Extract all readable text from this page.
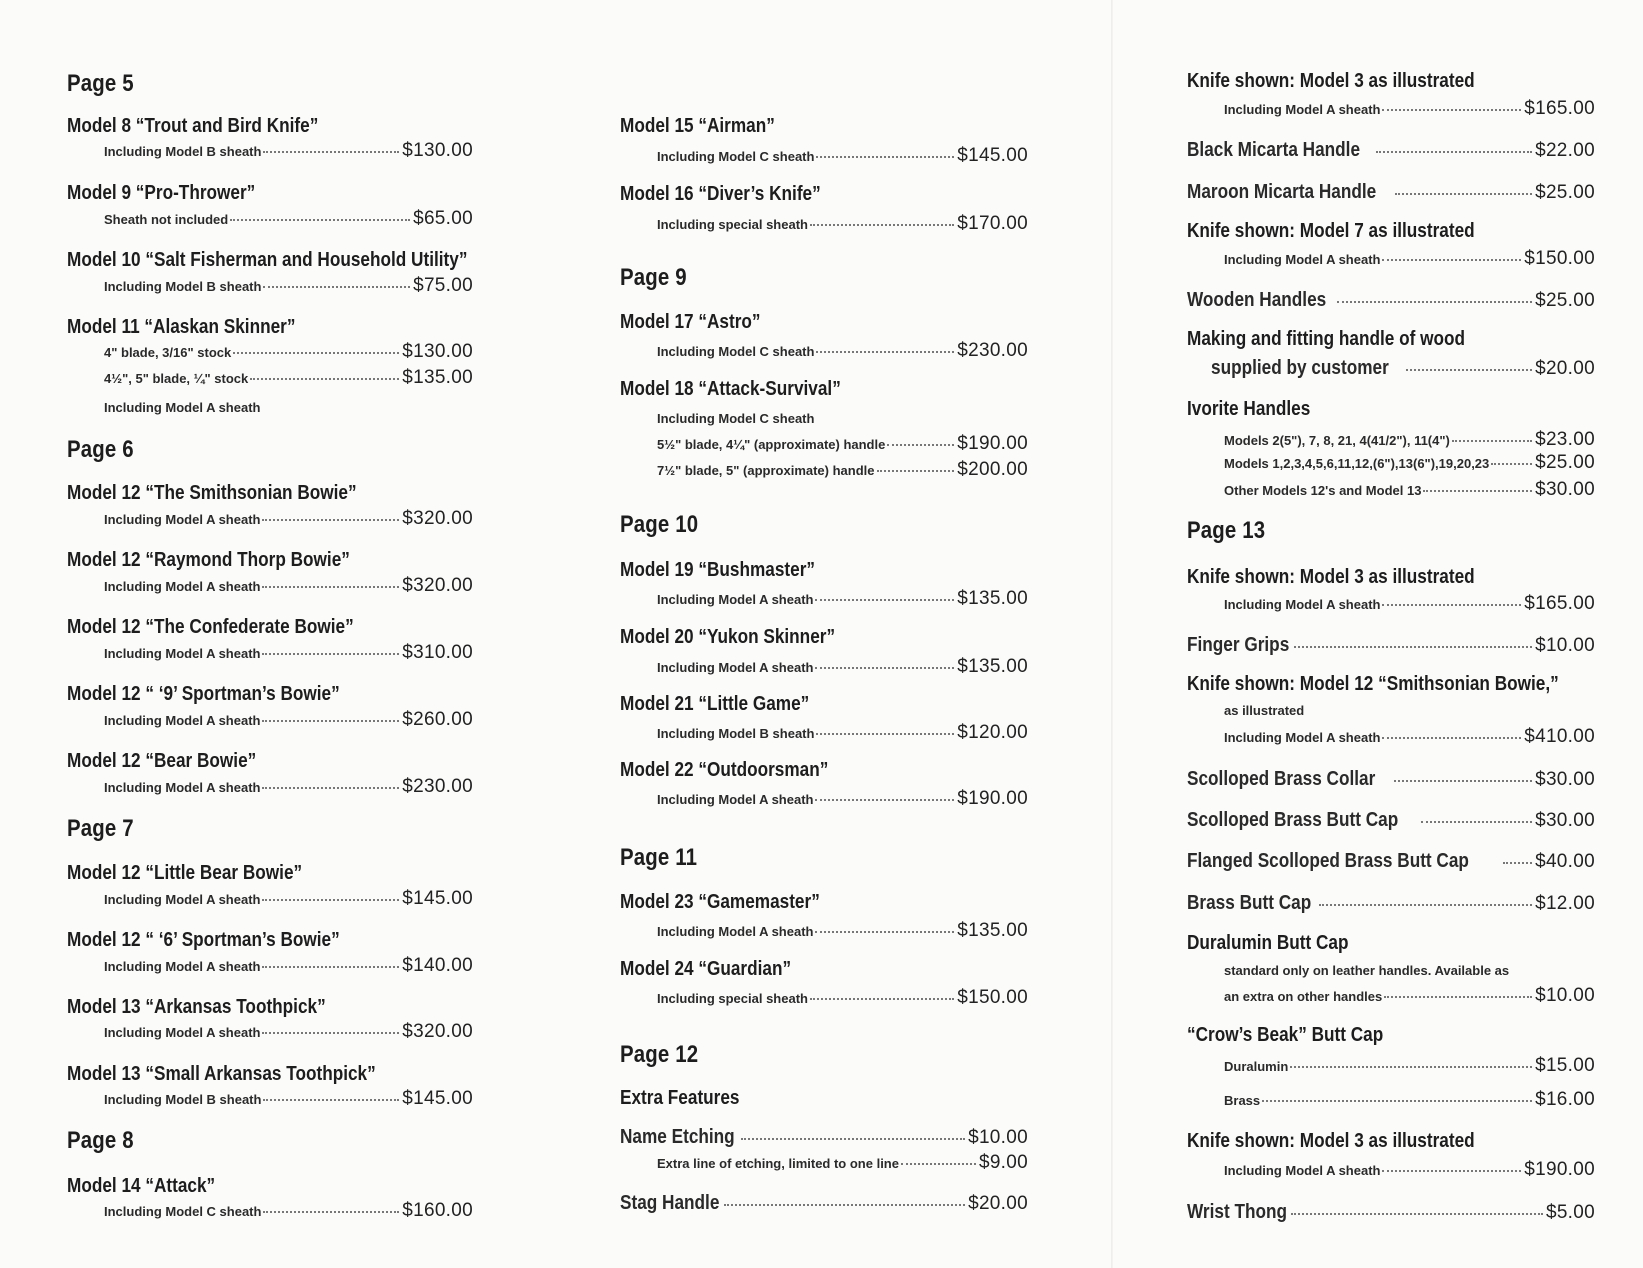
Page 5
Model 8 “Trout and Bird Knife”
Including Model B sheath	$130.00
Model 9 “Pro-Thrower”
Sheath not included	$65.00
Model 10 “Salt Fisherman and Household Utility”
Including Model B sheath	$75.00
Model 11 “Alaskan Skinner”
4" blade, 3/16" stock	$130.00
4½", 5" blade, ¼" stock	$135.00
Including Model A sheath
Page 6
Model 12 “The Smithsonian Bowie”
Including Model A sheath	$320.00
Model 12 “Raymond Thorp Bowie”
Including Model A sheath	$320.00
Model 12 “The Confederate Bowie”
Including Model A sheath	$310.00
Model 12 “ ‘9’ Sportman’s Bowie”
Including Model A sheath	$260.00
Model 12 “Bear Bowie”
Including Model A sheath	$230.00
Page 7
Model 12 “Little Bear Bowie”
Including Model A sheath	$145.00
Model 12 “ ‘6’ Sportman’s Bowie”
Including Model A sheath	$140.00
Model 13 “Arkansas Toothpick”
Including Model A sheath	$320.00
Model 13 “Small Arkansas Toothpick”
Including Model B sheath	$145.00
Page 8
Model 14 “Attack”
Including Model C sheath	$160.00
Model 15 “Airman”
Including Model C sheath	$145.00
Model 16 “Diver’s Knife”
Including special sheath	$170.00
Page 9
Model 17 “Astro”
Including Model C sheath	$230.00
Model 18 “Attack-Survival”
Including Model C sheath
5½" blade, 4¼" (approximate) handle	$190.00
7½" blade, 5" (approximate) handle	$200.00
Page 10
Model 19 “Bushmaster”
Including Model A sheath	$135.00
Model 20 “Yukon Skinner”
Including Model A sheath	$135.00
Model 21 “Little Game”
Including Model B sheath	$120.00
Model 22 “Outdoorsman”
Including Model A sheath	$190.00
Page 11
Model 23 “Gamemaster”
Including Model A sheath	$135.00
Model 24 “Guardian”
Including special sheath	$150.00
Page 12
Extra Features
Name Etching	$10.00
Extra line of etching, limited to one line	$9.00
Stag Handle	$20.00
Knife shown: Model 3 as illustrated
Including Model A sheath	$165.00
Black Micarta Handle	$22.00
Maroon Micarta Handle	$25.00
Knife shown: Model 7 as illustrated
Including Model A sheath	$150.00
Wooden Handles	$25.00
Making and fitting handle of wood
supplied by customer	$20.00
Ivorite Handles
Models 2(5"), 7, 8, 21, 4(41/2"), 11(4")	$23.00
Models 1,2,3,4,5,6,11,12,(6"),13(6"),19,20,23 $25.00
Other Models 12's and Model 13	$30.00
Page 13
Knife shown: Model 3 as illustrated
Including Model A sheath	$165.00
Finger Grips	$10.00
Knife shown: Model 12 “Smithsonian Bowie,”
as illustrated
Including Model A sheath	$410.00
Scolloped Brass Collar	$30.00
Scolloped Brass Butt Cap	$30.00
Flanged Scolloped Brass Butt Cap	$40.00
Brass Butt Cap	$12.00
Duralumin Butt Cap
standard only on leather handles. Available as
an extra on other handles	$10.00
“Crow’s Beak” Butt Cap
Duralumin	$15.00
Brass	$16.00
Knife shown: Model 3 as illustrated
Including Model A sheath	$190.00
Wrist Thong	$5.00
